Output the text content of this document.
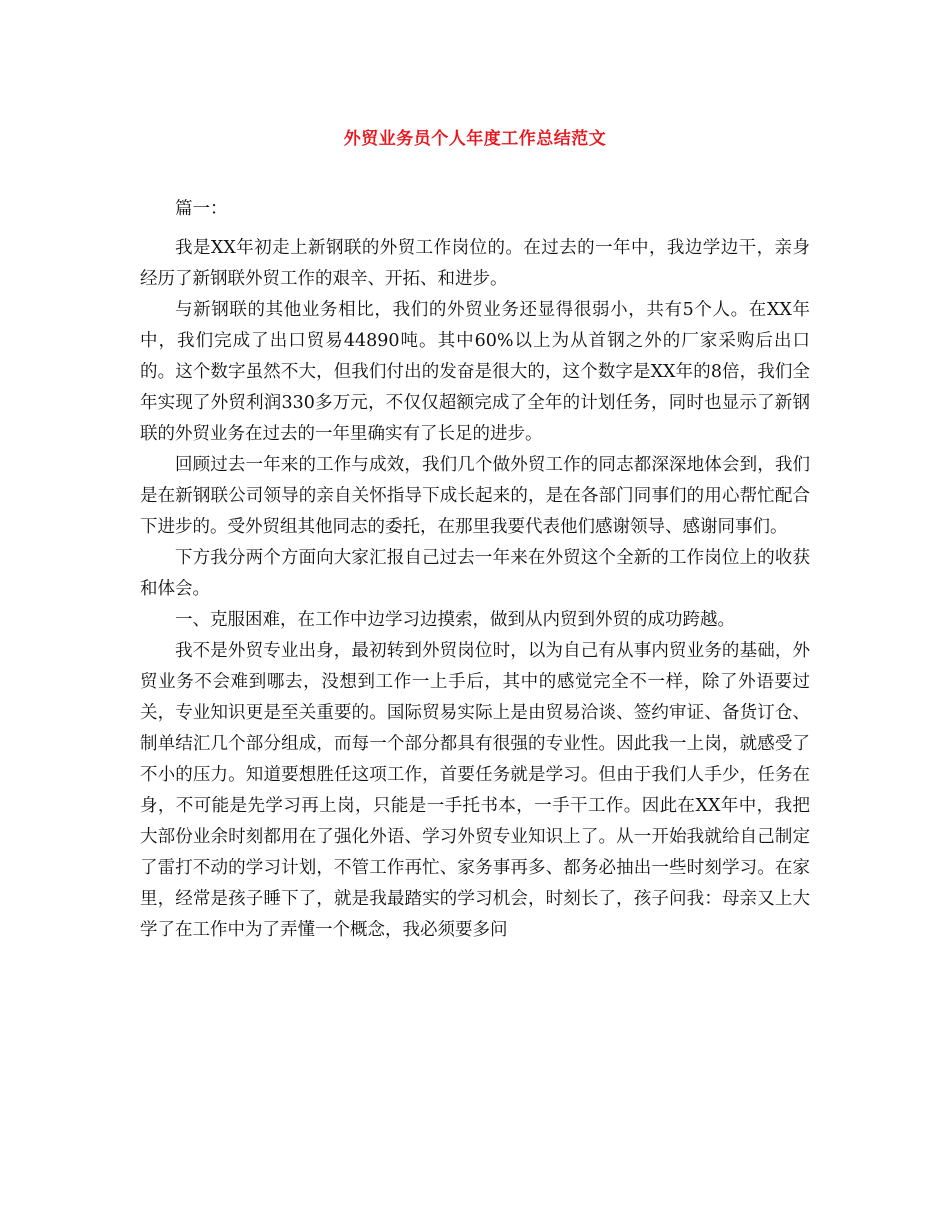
外贸业务员个人年度工作总结范文

篇一：

我是XX年初走上新钢联的外贸工作岗位的。在过去的一年中，我边学边干，亲身经历了新钢联外贸工作的艰辛、开拓、和进步。

与新钢联的其他业务相比，我们的外贸业务还显得很弱小，共有5个人。在XX年中，我们完成了出口贸易44890吨。其中60%以上为从首钢之外的厂家采购后出口的。这个数字虽然不大，但我们付出的发奋是很大的，这个数字是XX年的8倍，我们全年实现了外贸利润330多万元，不仅仅超额完成了全年的计划任务，同时也显示了新钢联的外贸业务在过去的一年里确实有了长足的进步。

回顾过去一年来的工作与成效，我们几个做外贸工作的同志都深深地体会到，我们是在新钢联公司领导的亲自关怀指导下成长起来的，是在各部门同事们的用心帮忙配合下进步的。受外贸组其他同志的委托，在那里我要代表他们感谢领导、感谢同事们。

下方我分两个方面向大家汇报自己过去一年来在外贸这个全新的工作岗位上的收获和体会。

一、克服困难，在工作中边学习边摸索，做到从内贸到外贸的成功跨越。

我不是外贸专业出身，最初转到外贸岗位时，以为自己有从事内贸业务的基础，外贸业务不会难到哪去，没想到工作一上手后，其中的感觉完全不一样，除了外语要过关，专业知识更是至关重要的。国际贸易实际上是由贸易洽谈、签约审证、备货订仓、制单结汇几个部分组成，而每一个部分都具有很强的专业性。因此我一上岗，就感受了不小的压力。知道要想胜任这项工作，首要任务就是学习。但由于我们人手少，任务在身，不可能是先学习再上岗，只能是一手托书本，一手干工作。因此在XX年中，我把大部份业余时刻都用在了强化外语、学习外贸专业知识上了。从一开始我就给自己制定了雷打不动的学习计划，不管工作再忙、家务事再多、都务必抽出一些时刻学习。在家里，经常是孩子睡下了，就是我最踏实的学习机会，时刻长了，孩子问我：母亲又上大学了在工作中为了弄懂一个概念，我必须要多问
